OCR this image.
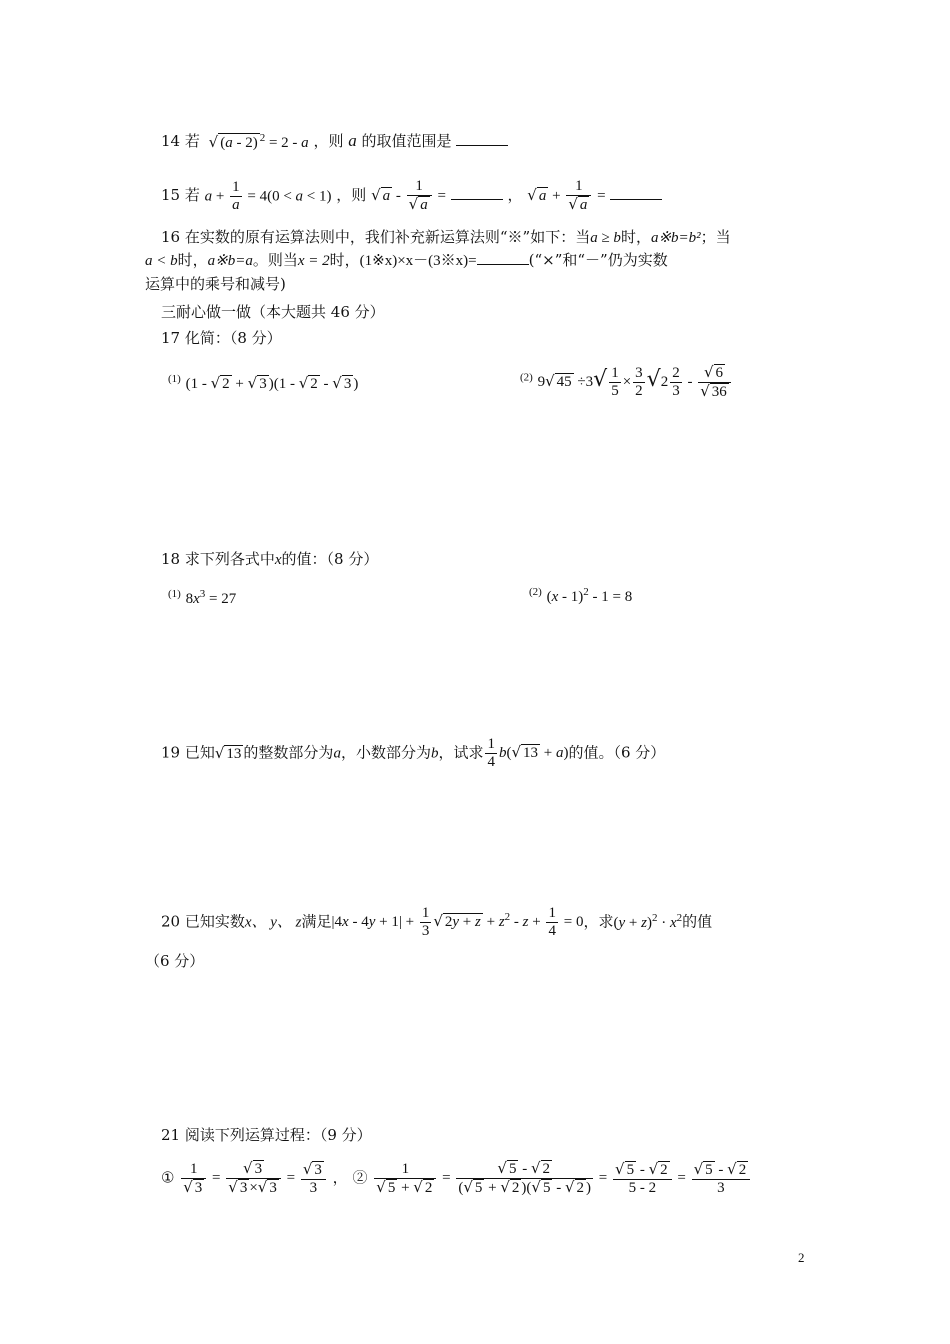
14 若 √ (a - 2) $^2$ = 2 - a ，则 a 的取值范围是
15 若 $a + \frac{1}{a} = 4(0 < a < 1)$ ，则 √ a - $\frac{1}{√ a}$ =	， √ $a + \frac{1}{√ a}$ =
16 在实数的原有运算法则中，我们补充新运算法则“※”如下：当a ≥ b时，a※b=b²；当
a < b时，a※b=a。则当x = 2时，(1※x)×x－(3※x)=	(“×”和“－”仍为实数
运算中的乘号和减号)
三耐心做一做（本大题共 46 分）
17 化简：（8 分）
$^{(1)}$ (1 - √ 2 + √ 3 )(1 - √ 2 - √ 3 )	$^{(2)}$ 9√ $45 \div 3√ \frac{1}{5} \times \frac{3}{2} √2 \frac{2}{3} - \frac{√ 6}{√ 36}$
18 求下列各式中x的值：（8 分）
$^{(1)}$ $8x^3 = 27$	$^{(2)}$ (x - 1)$^2$ - 1 = 8
19 已知√ 13 的整数部分为a，小数部分为b，试求 $\frac{1}{4} b(√$ 13 + a)的值。（6 分）
20 已知实数x、 y、 z满足$|4x - 4y + 1| + \frac{1}{3}$ √ $2y + z + z^2 - z + \frac{1}{4} = 0$，求$(y + z)^2 \cdot x^2$的值
（6 分）
21 阅读下列运算过程：（9 分）
① $\frac{1}{√ 3} = \frac{√ 3}{√ 3 \times√ 3} = \frac{√ 3}{3}$ ， ② $\frac{1}{√ 5 + √ 2} = \frac{√ 5 - √ 2}{(√ 5 + √ 2 )(√ 5 - √ 2 )} = \frac{√ 5 - √ 2}{5 - 2} = \frac{√ 5 - √ 2}{3}$
2
